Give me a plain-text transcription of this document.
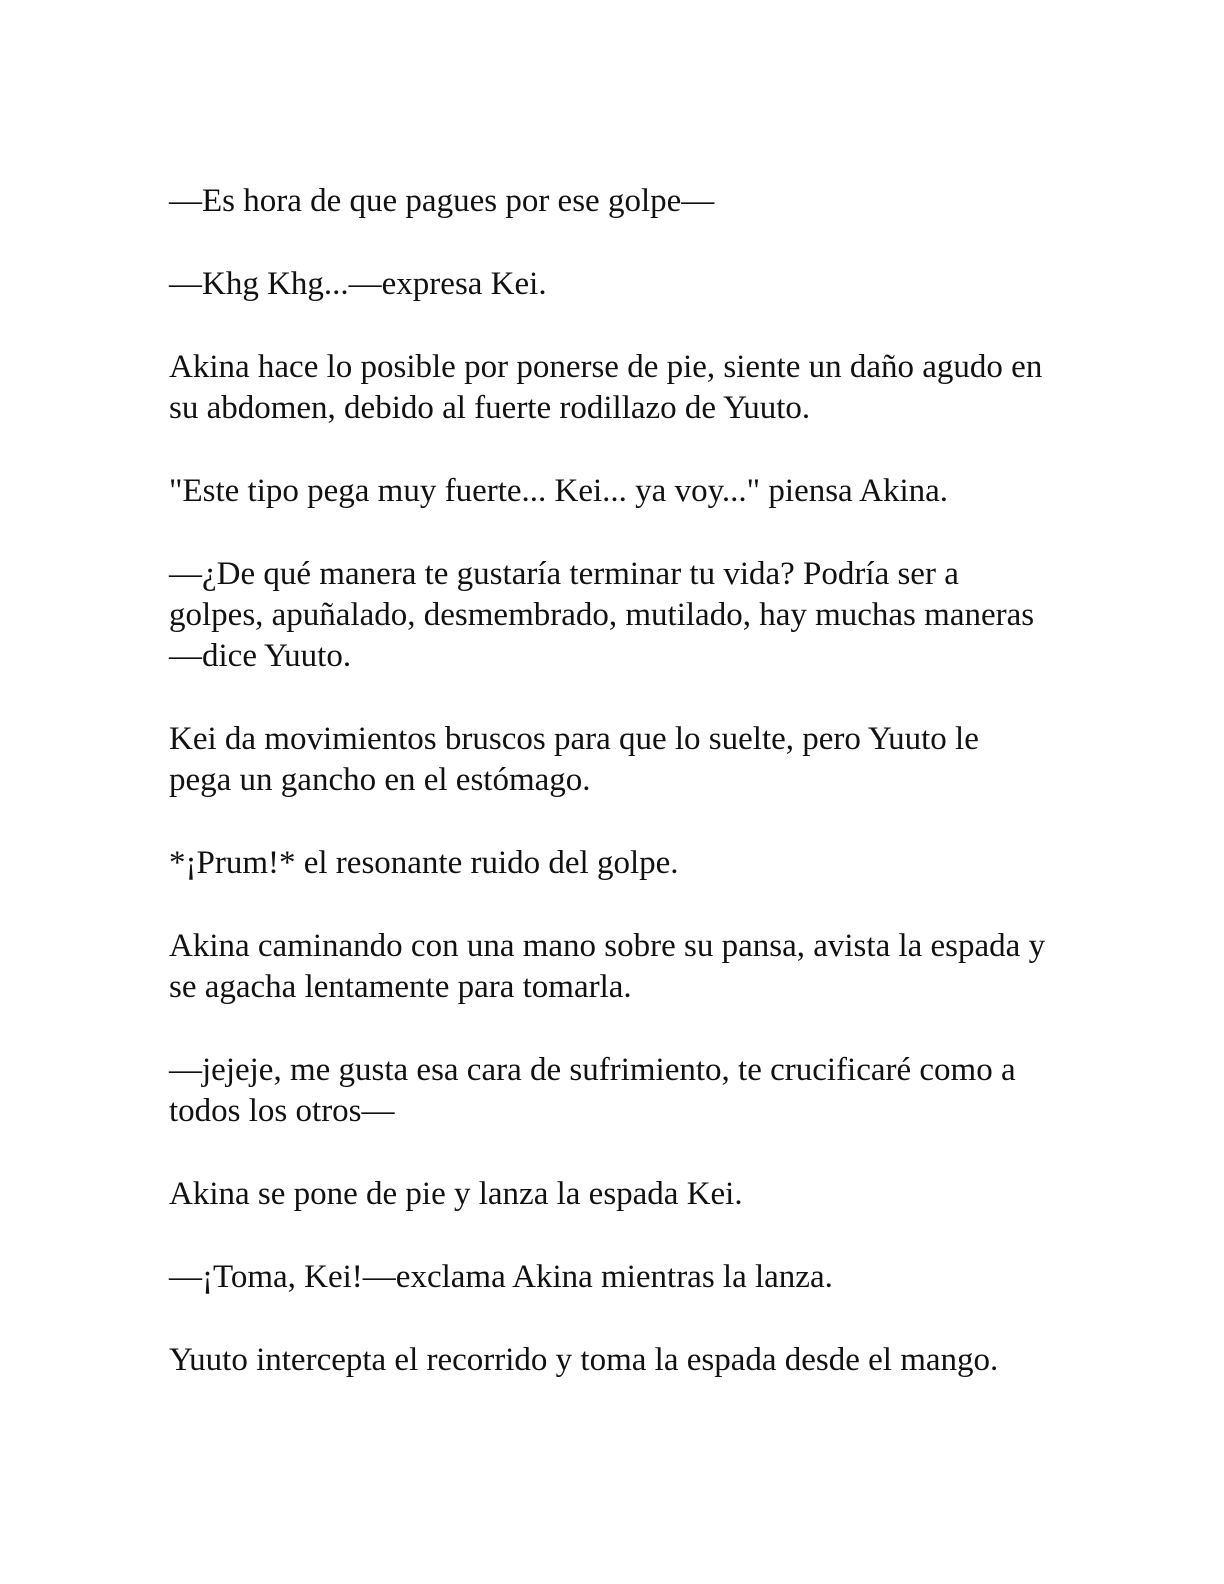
—Es hora de que pagues por ese golpe—

—Khg Khg...—expresa Kei.

Akina hace lo posible por ponerse de pie, siente un daño agudo en su abdomen, debido al fuerte rodillazo de Yuuto.

"Este tipo pega muy fuerte... Kei... ya voy..." piensa Akina.

—¿De qué manera te gustaría terminar tu vida? Podría ser a golpes, apuñalado, desmembrado, mutilado, hay muchas maneras—dice Yuuto.

Kei da movimientos bruscos para que lo suelte, pero Yuuto le pega un gancho en el estómago.

*¡Prum!* el resonante ruido del golpe.

Akina caminando con una mano sobre su pansa, avista la espada y se agacha lentamente para tomarla.

—jejeje, me gusta esa cara de sufrimiento, te crucificaré como a todos los otros—

Akina se pone de pie y lanza la espada Kei.

—¡Toma, Kei!—exclama Akina mientras la lanza.

Yuuto intercepta el recorrido y toma la espada desde el mango.
